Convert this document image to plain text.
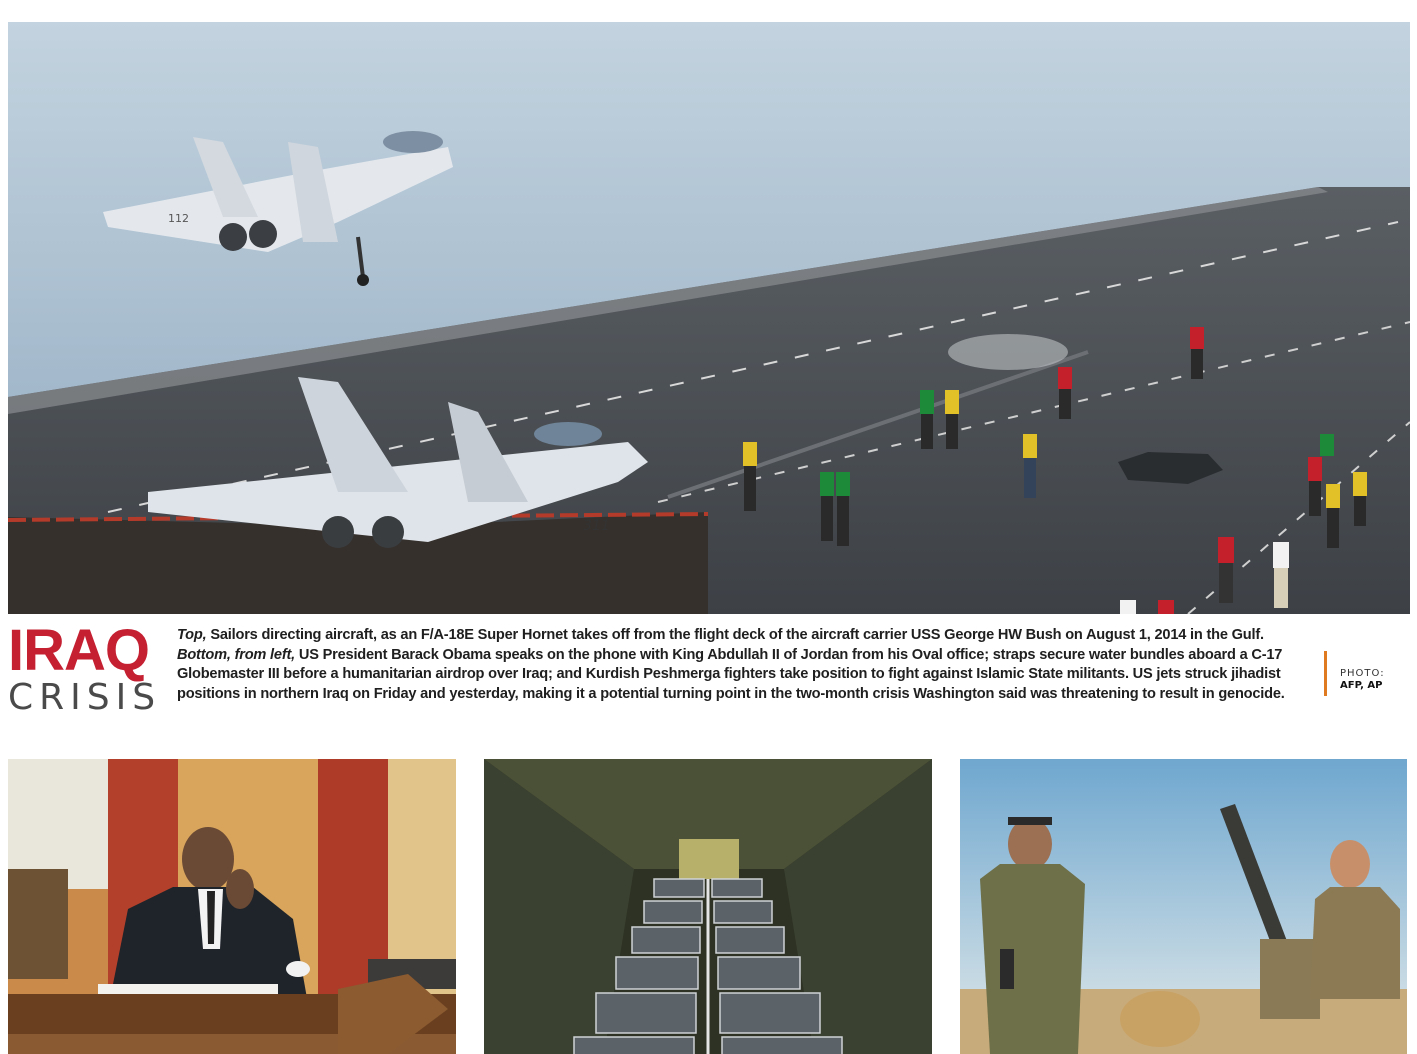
311
112
IRAQ
CRISIS
Top, Sailors directing aircraft, as an F/A-18E Super Hornet takes off from the flight deck of the aircraft carrier USS George HW Bush on August 1, 2014 in the Gulf. Bottom, from left, US President Barack Obama speaks on the phone with King Abdullah II of Jordan from his Oval office; straps secure water bundles aboard a C-17 Globemaster III before a humanitarian airdrop over Iraq; and Kurdish Peshmerga fighters take position to fight against Islamic State militants. US jets struck jihadist positions in northern Iraq on Friday and yesterday, making it a potential turning point in the two-month crisis Washington said was threatening to result in genocide.
PHOTO:
AFP, AP
